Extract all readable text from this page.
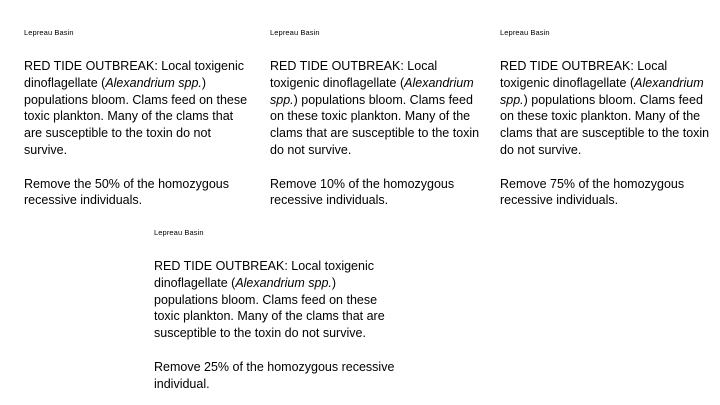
Lepreau Basin

RED TIDE OUTBREAK: Local toxigenic dinoflagellate (Alexandrium spp.) populations bloom. Clams feed on these toxic plankton. Many of the clams that are susceptible to the toxin do not survive.

Remove the 50% of the homozygous recessive individuals.

Lepreau Basin

RED TIDE OUTBREAK: Local toxigenic dinoflagellate (Alexandrium spp.) populations bloom. Clams feed on these toxic plankton. Many of the clams that are susceptible to the toxin do not survive.

Remove 10% of the homozygous recessive individuals.

Lepreau Basin

RED TIDE OUTBREAK: Local toxigenic dinoflagellate (Alexandrium spp.) populations bloom. Clams feed on these toxic plankton. Many of the clams that are susceptible to the toxin do not survive.

Remove 75% of the homozygous recessive individuals.

Lepreau Basin

RED TIDE OUTBREAK: Local toxigenic dinoflagellate (Alexandrium spp.) populations bloom. Clams feed on these toxic plankton. Many of the clams that are susceptible to the toxin do not survive.

Remove 25% of the homozygous recessive individual.
